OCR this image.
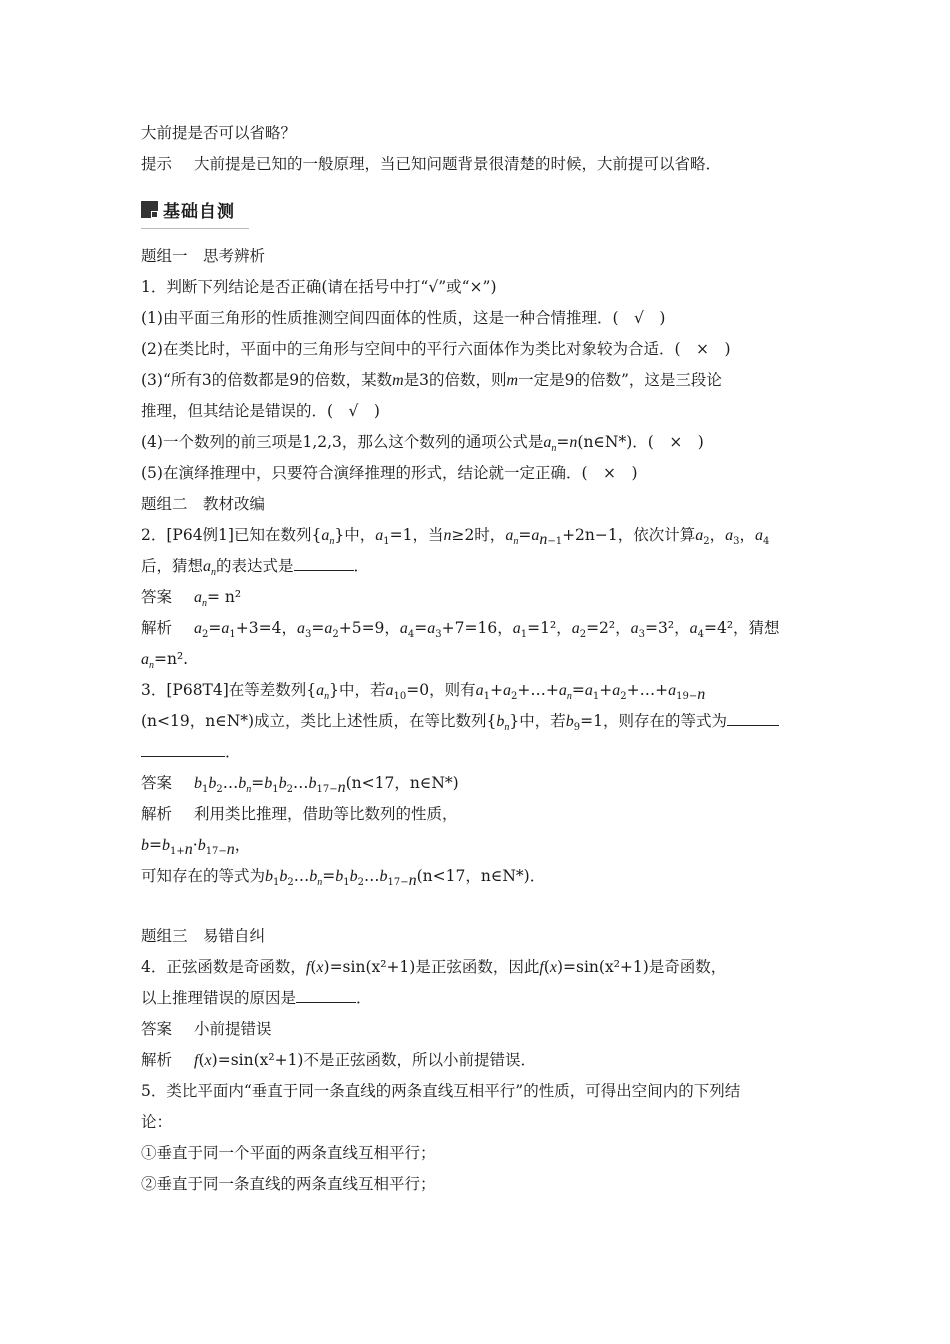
大前提是否可以省略？
提示 大前提是已知的一般原理，当已知问题背景很清楚的时候，大前提可以省略．
基础自测
题组一　思考辨析
1．判断下列结论是否正确(请在括号中打“√”或“×”)
(1)由平面三角形的性质推测空间四面体的性质，这是一种合情推理．(　√　)
(2)在类比时，平面中的三角形与空间中的平行六面体作为类比对象较为合适．(　×　)
(3)“所有3的倍数都是9的倍数，某数m是3的倍数，则m一定是9的倍数”，这是三段论
推理，但其结论是错误的．(　√　)
(4)一个数列的前三项是1,2,3，那么这个数列的通项公式是$a_n=n(n\in N*)$．(　×　)
(5)在演绎推理中，只要符合演绎推理的形式，结论就一定正确．(　×　)
题组二　教材改编
2．[P64例1]已知在数列$\{a_n\}$中，$a_1=1$，当n≥2时，$a_n=a_{n-1}+2n-1$，依次计算$a_2$，$a_3$，$a_4$
后，猜想$a_n$的表达式是	．
答案 $a_n= n^2$
解析 $a_2=a_1+3=4$，$a_3=a_2+5=9$，$a_4=a_3+7=16$，$a_1=1^2$，$a_2=2^2$，$a_3=3^2$，$a_4=4^2$，猜想
$a_n=n^2$.
3．[P68T4]在等差数列$\{a_n\}$中，若$a_{10}=0$，则有$a_1+a_2+\dots+a_n=a_1+a_2+\dots+a_{19-n}$
(n<19，n∈N*)成立，类比上述性质，在等比数列$\{b_n\}$中，若$b_9=1$，则存在的等式为
．
答案 $b_1b_2\dots b_n=b_1b_2\dots b_{17-n}(n<17$，n∈N*)
解析 利用类比推理，借助等比数列的性质，
$b=b_{1+n}\cdot b_{17-n}$，
可知存在的等式为$b_1b_2\dots b_n=b_1b_2\dots b_{17-n}(n<17$，n∈N*)．
题组三　易错自纠
4．正弦函数是奇函数，f(x)=sin(x²+1)是正弦函数，因此f(x)=sin(x²+1)是奇函数，
以上推理错误的原因是	．
答案 小前提错误
解析 f(x)=sin(x²+1)不是正弦函数，所以小前提错误．
5．类比平面内“垂直于同一条直线的两条直线互相平行”的性质，可得出空间内的下列结
论：
①垂直于同一个平面的两条直线互相平行；
②垂直于同一条直线的两条直线互相平行；
